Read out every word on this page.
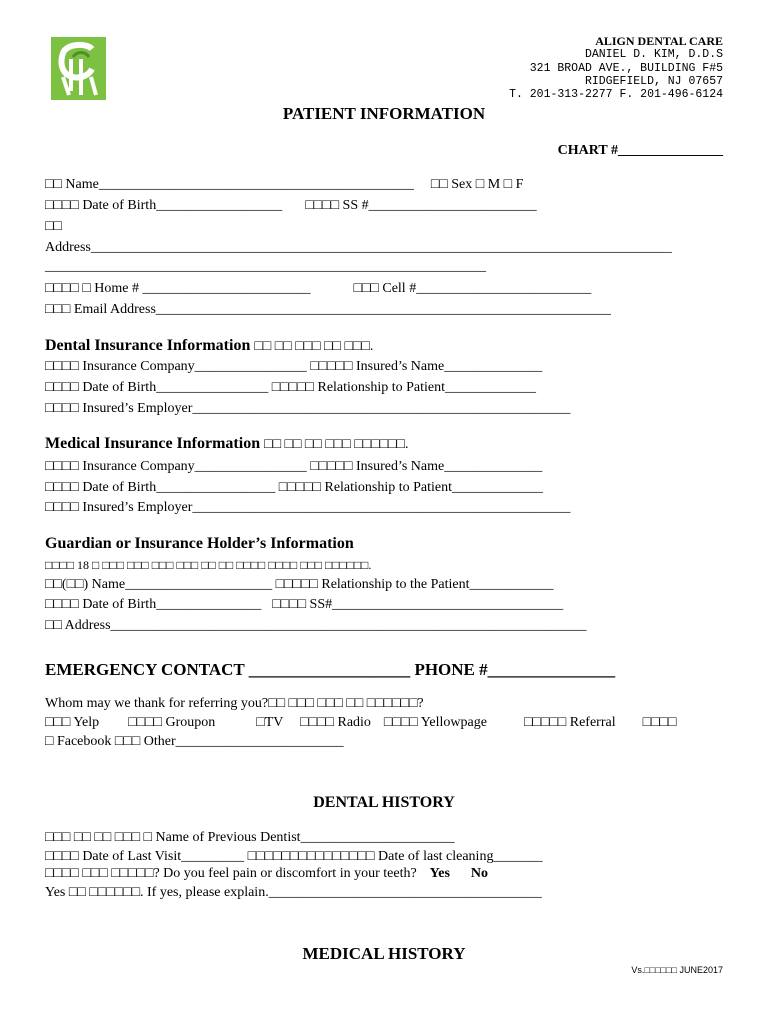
ALIGN DENTAL CARE
DANIEL D. KIM, D.D.S
321 BROAD AVE., BUILDING F#5
RIDGEFIELD, NJ 07657
T. 201-313-2277 F. 201-496-6124
PATIENT INFORMATION
CHART #_______________
□□ Name_____________________________________________ □□ Sex □ M □ F
□□□□ Date of Birth__________________ □□□□ SS #________________________
□□
Address___________________________________________________________________________________
_______________________________________________________________
□□□□ □ Home # ________________________	□□□ Cell #_________________________
□□□ Email Address_________________________________________________________________
Dental Insurance Information □□ □□ □□□ □□ □□□.
□□□□ Insurance Company________________ □□□□□ Insured’s Name______________
□□□□ Date of Birth________________ □□□□□ Relationship to Patient_____________
□□□□ Insured’s Employer______________________________________________________
Medical Insurance Information □□ □□ □□ □□□ □□□□□□.
□□□□ Insurance Company________________ □□□□□ Insured’s Name______________
□□□□ Date of Birth_________________ □□□□□ Relationship to Patient_____________
□□□□ Insured’s Employer______________________________________________________
Guardian or Insurance Holder’s Information
□□□□ 18 □ □□□ □□□ □□□ □□□ □□ □□ □□□□ □□□□ □□□ □□□□□□.
□□(□□) Name_____________________ □□□□□ Relationship to the Patient____________
□□□□ Date of Birth_______________ □□□□ SS#_________________________________
□□ Address____________________________________________________________________
EMERGENCY CONTACT ___________________ PHONE #_______________
Whom may we thank for referring you?□□ □□□ □□□ □□ □□□□□□?
□□□ Yelp □□□□ Groupon	□TV □□□□ Radio □□□□ Yellowpage	□□□□□ Referral □□□□
□ Facebook □□□ Other________________________
DENTAL HISTORY
□□□ □□ □□ □□□ □ Name of Previous Dentist______________________
□□□□ Date of Last Visit_________ □□□□□□□□□□□□□□□ Date of last cleaning_______
□□□□ □□□ □□□□□? Do you feel pain or discomfort in your teeth? Yes No
Yes □□ □□□□□□. If yes, please explain._______________________________________
MEDICAL HISTORY
Vs.□□□□□□ JUNE2017
